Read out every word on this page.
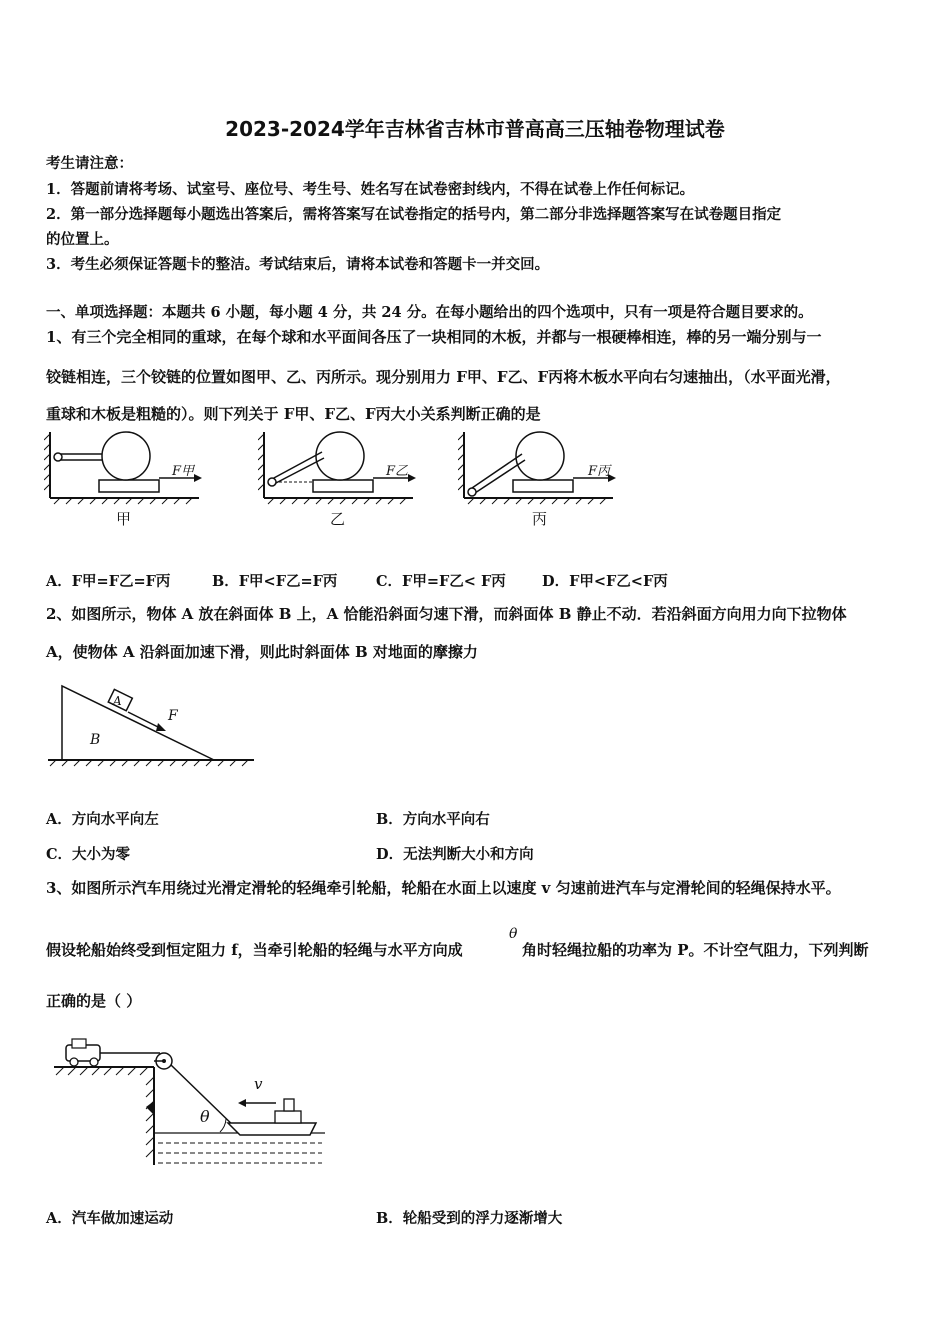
2023-2024学年吉林省吉林市普高高三压轴卷物理试卷
考生请注意：
1．答题前请将考场、试室号、座位号、考生号、姓名写在试卷密封线内，不得在试卷上作任何标记。
2．第一部分选择题每小题选出答案后，需将答案写在试卷指定的括号内，第二部分非选择题答案写在试卷题目指定
的位置上。
3．考生必须保证答题卡的整洁。考试结束后，请将本试卷和答题卡一并交回。
一、单项选择题：本题共 6 小题，每小题 4 分，共 24 分。在每小题给出的四个选项中，只有一项是符合题目要求的。
1、有三个完全相同的重球，在每个球和水平面间各压了一块相同的木板，并都与一根硬棒相连，棒的另一端分别与一
铰链相连，三个铰链的位置如图甲、乙、丙所示。现分别用力 F甲、F乙、F丙将木板水平向右匀速抽出，（水平面光滑，
重球和木板是粗糙的）。则下列关于 F甲、F乙、F丙大小关系判断正确的是
F甲
甲
F乙
乙
F丙
丙
A．F甲=F乙=F丙	B．F甲<F乙=F丙	C．F甲=F乙< F丙 D．F甲<F乙<F丙
2、如图所示，物体 A 放在斜面体 B 上，A 恰能沿斜面匀速下滑，而斜面体 B 静止不动．若沿斜面方向用力向下拉物体
A，使物体 A 沿斜面加速下滑，则此时斜面体 B 对地面的摩擦力
A
F
B
A．方向水平向左	B．方向水平向右
C．大小为零	D．无法判断大小和方向
3、如图所示汽车用绕过光滑定滑轮的轻绳牵引轮船，轮船在水面上以速度 v 匀速前进汽车与定滑轮间的轻绳保持水平。
假设轮船始终受到恒定阻力 f，当牵引轮船的轻绳与水平方向成
θ
角时轻绳拉船的功率为 P。不计空气阻力，下列判断
正确的是（ ）
v
θ
A．汽车做加速运动	B．轮船受到的浮力逐渐增大
